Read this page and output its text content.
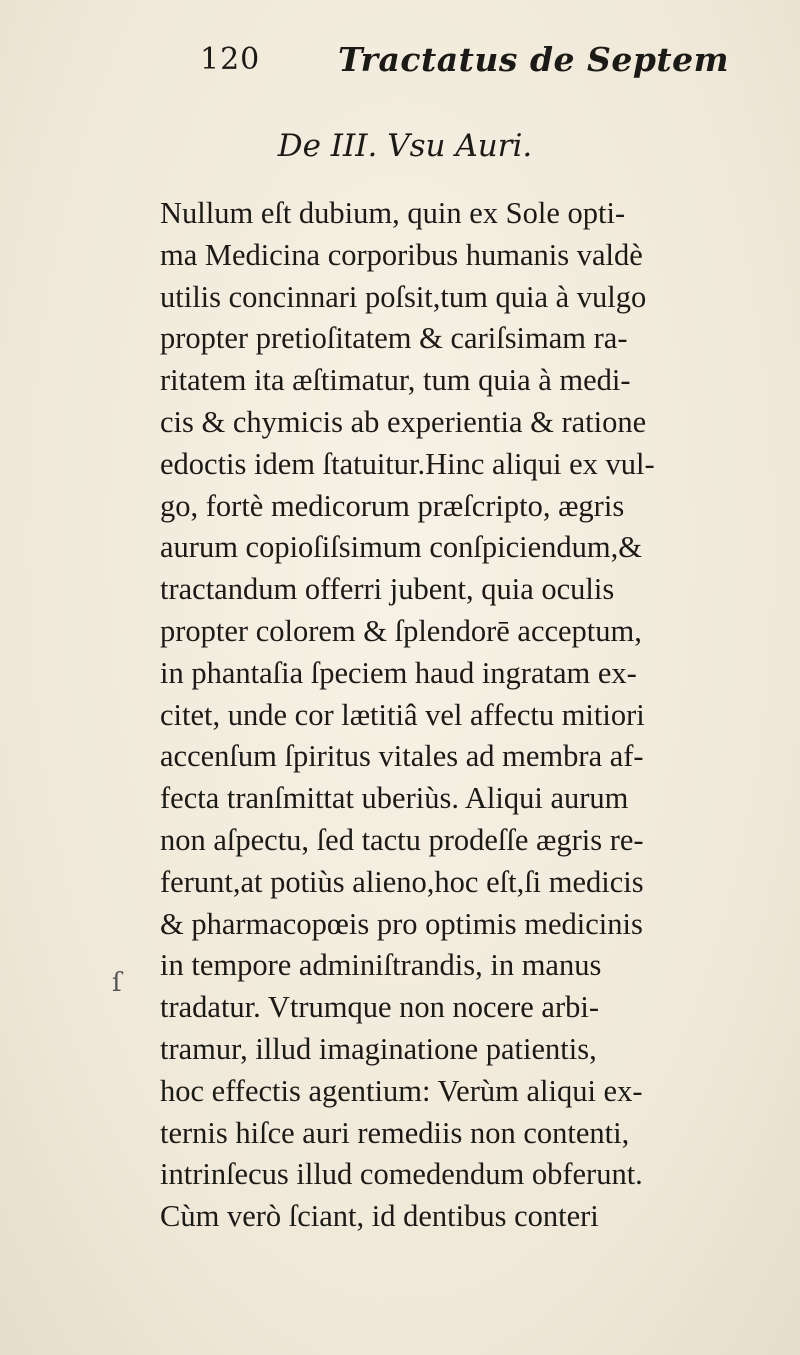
120 Tractatus de Septem
De III. Vsu Auri.
ſ
Nullum eſt dubium, quin ex Sole opti-
ma Medicina corporibus humanis valdè
utilis concinnari poſsit,tum quia à vulgo
propter pretioſitatem & cariſsimam ra-
ritatem ita æſtimatur, tum quia à medi-
cis & chymicis ab experientia & ratione
edoctis idem ſtatuitur.Hinc aliqui ex vul-
go, fortè medicorum præſcripto, ægris
aurum copioſiſsimum conſpiciendum,&
tractandum offerri jubent, quia oculis
propter colorem & ſplendorē acceptum,
in phantaſia ſpeciem haud ingratam ex-
citet, unde cor lætitiâ vel affectu mitiori
accenſum ſpiritus vitales ad membra af-
fecta tranſmittat uberiùs. Aliqui aurum
non aſpectu, ſed tactu prodeſſe ægris re-
ferunt,at potiùs alieno,hoc eſt,ſi medicis
& pharmacopœis pro optimis medicinis
in tempore adminiſtrandis, in manus
tradatur. Vtrumque non nocere arbi-
tramur, illud imaginatione patientis,
hoc effectis agentium: Verùm aliqui ex-
ternis hiſce auri remediis non contenti,
intrinſecus illud comedendum obferunt.
Cùm verò ſciant, id dentibus conteri
